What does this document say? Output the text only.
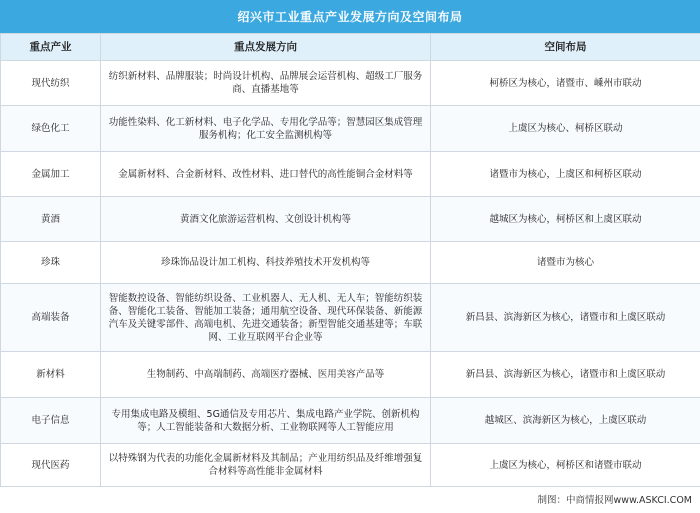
绍兴市工业重点产业发展方向及空间布局
重点产业	重点发展方向	空间布局
现代纺织	纺织新材料、品牌服装；时尚设计机构、品牌展会运营机构、超级工厂服务商、直播基地等	柯桥区为核心，诸暨市、嵊州市联动
绿色化工	功能性染料、化工新材料、电子化学品、专用化学品等；智慧园区集成管理服务机构；化工安全监测机构等	上虞区为核心、柯桥区联动
金属加工	金属新材料、合金新材料、改性材料、进口替代的高性能铜合金材料等	诸暨市为核心，上虞区和柯桥区联动
黄酒	黄酒文化旅游运营机构、文创设计机构等	越城区为核心，柯桥区和上虞区联动
珍珠	珍珠饰品设计加工机构、科技养殖技术开发机构等	诸暨市为核心
高端装备	智能数控设备、智能纺织设备、工业机器人、无人机、无人车；智能纺织装备、智能化工装备、智能加工装备；通用航空设备、现代环保装备、新能源汽车及关键零部件、高端电机、先进交通装备；新型智能交通基建等；车联网、工业互联网平台企业等	新昌县、滨海新区为核心，诸暨市和上虞区联动
新材料	生物制药、中高端制药、高端医疗器械、医用美容产品等	新昌县、滨海新区为核心，诸暨市和上虞区联动
电子信息	专用集成电路及模组、5G通信及专用芯片、集成电路产业学院、创新机构等；人工智能装备和大数据分析、工业物联网等人工智能应用	越城区、滨海新区为核心，上虞区联动
现代医药	以特殊钢为代表的功能化金属新材料及其制品；产业用纺织品及纤维增强复合材料等高性能非金属材料	上虞区为核心，柯桥区和诸暨市联动
制图：中商情报网www.ASKCI.COM
